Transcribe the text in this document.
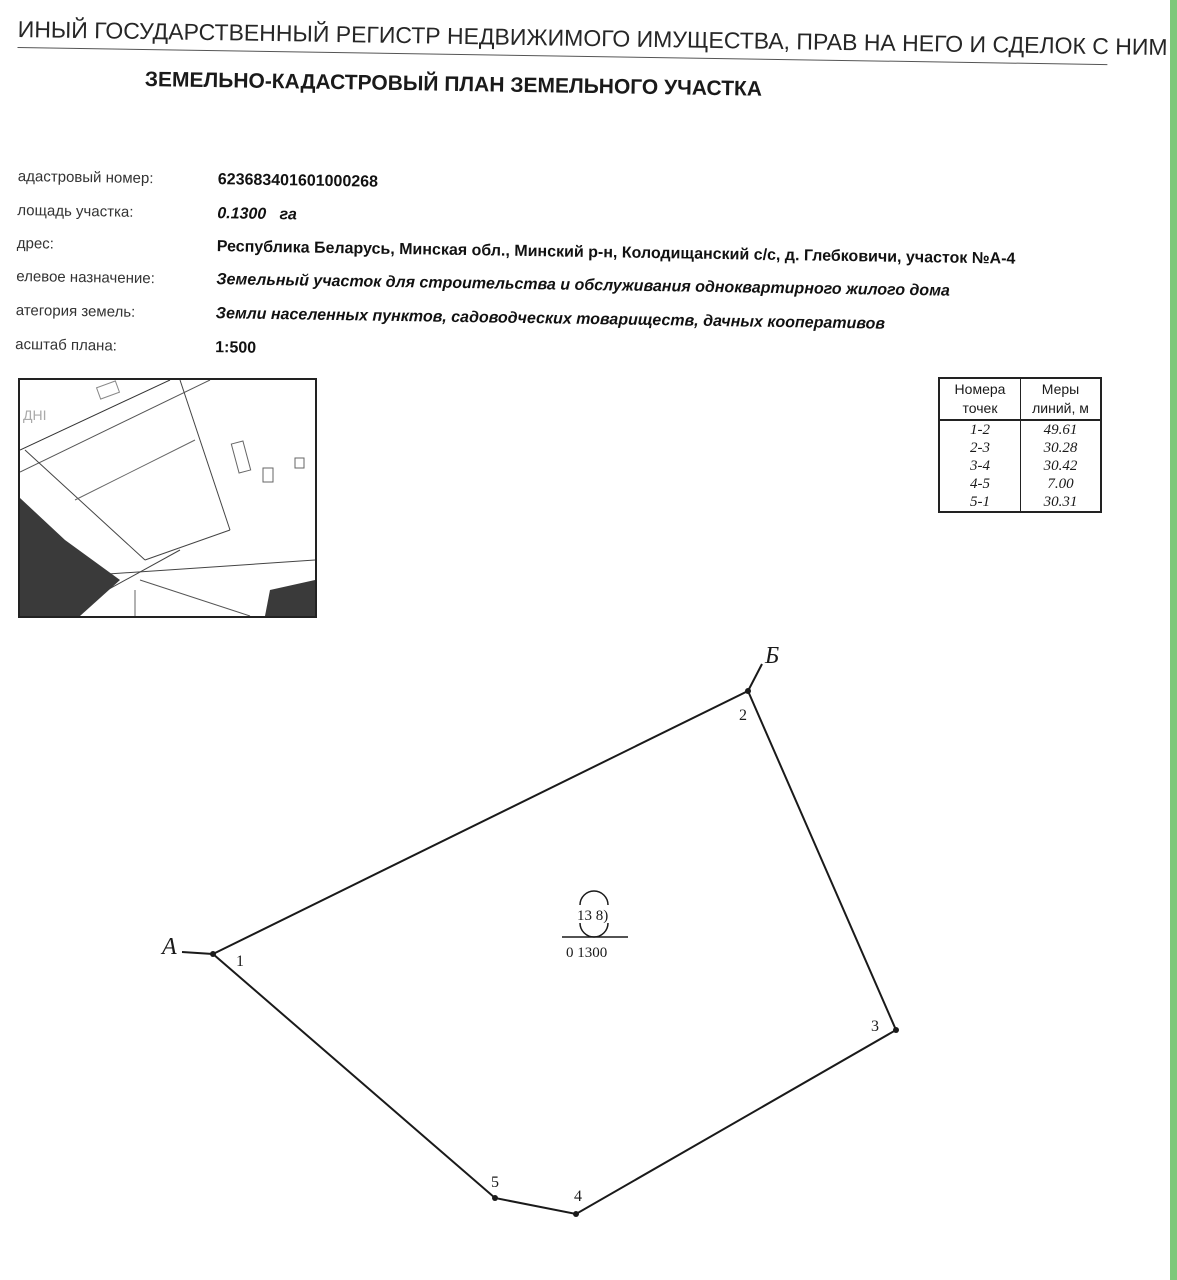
ИНЫЙ ГОСУДАРСТВЕННЫЙ РЕГИСТР НЕДВИЖИМОГО ИМУЩЕСТВА, ПРАВ НА НЕГО И СДЕЛОК С НИМ
ЗЕМЕЛЬНО-КАДАСТРОВЫЙ ПЛАН ЗЕМЕЛЬНОГО УЧАСТКА
адастровый номер:	623683401601000268
лощадь участка:	0.1300   га
дрес:	Республика Беларусь, Минская обл., Минский р-н, Колодищанский с/с, д. Глебковичи, участок №А-4
елевое назначение:	Земельный участок для строительства и обслуживания одноквартирного жилого дома
атегория земель:	Земли населенных пунктов, садоводческих товариществ, дачных кооперативов
асштаб плана:	1:500
ДНI
Номера точек	Меры линий, м
1-2	49.61
2-3	30.28
3-4	30.42
4-5	7.00
5-1	30.31
А
Б
1
2
3
4
5
13 8)
0 1300
